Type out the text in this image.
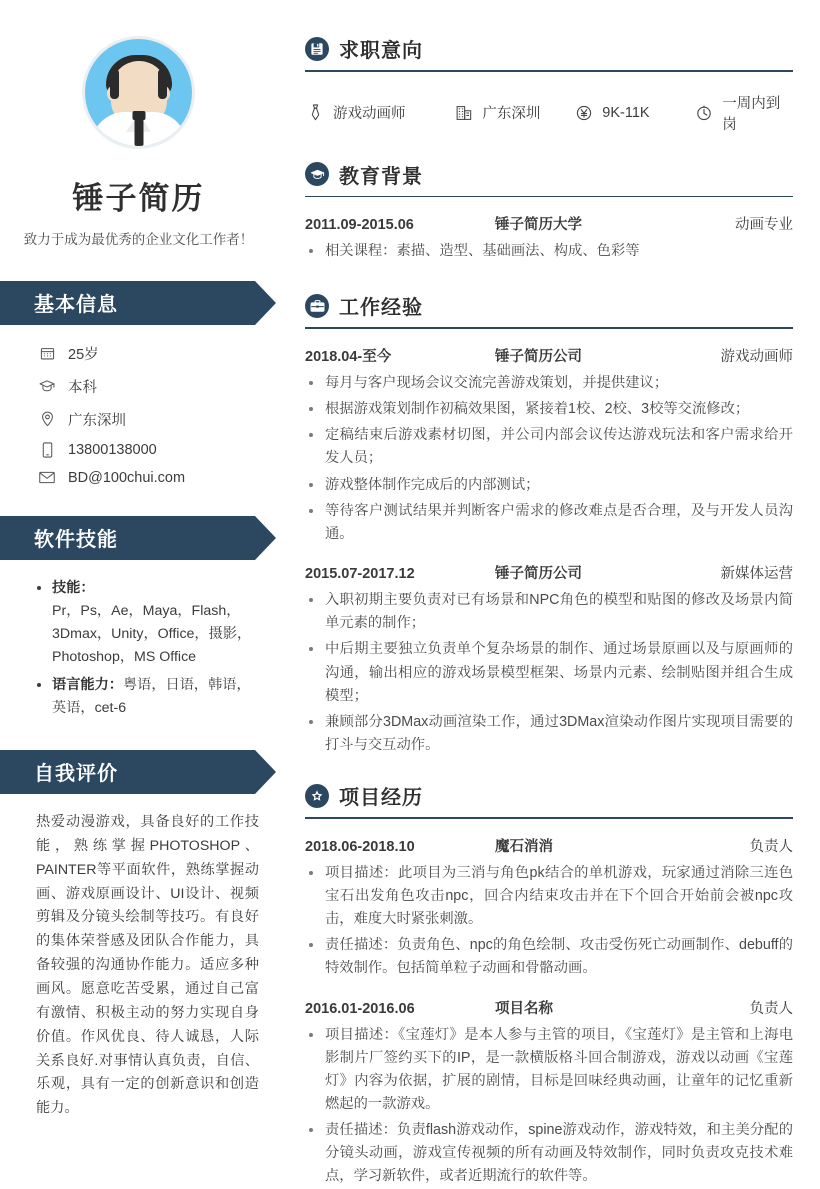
锤子简历
致力于成为最优秀的企业文化工作者！
基本信息
25岁
本科
广东深圳
13800138000
BD@100chui.com
软件技能
• 技能：
Pr，Ps，Ae，Maya，Flash，3Dmax，Unity，Office，摄影，Photoshop，MS Office
• 语言能力：粤语，日语，韩语，英语，cet-6
自我评价
热爱动漫游戏，具备良好的工作技能，熟练掌握PHOTOSHOP、PAINTER等平面软件，熟练掌握动画、游戏原画设计、UI设计、视频剪辑及分镜头绘制等技巧。有良好的集体荣誉感及团队合作能力，具备较强的沟通协作能力。适应多种画风。愿意吃苦受累，通过自己富有激情、积极主动的努力实现自身价值。作风优良、待人诚恳，人际关系良好.对事情认真负责，自信、乐观，具有一定的创新意识和创造能力。
求职意向
游戏动画师	广东深圳	9K-11K
一周内到岗
教育背景
2011.09-2015.06	锤子简历大学	动画专业
相关课程：素描、造型、基础画法、构成、色彩等
工作经验
2018.04-至今	锤子简历公司	游戏动画师
每月与客户现场会议交流完善游戏策划，并提供建议；
根据游戏策划制作初稿效果图，紧接着1校、2校、3校等交流修改；
定稿结束后游戏素材切图，并公司内部会议传达游戏玩法和客户需求给开发人员；
游戏整体制作完成后的内部测试；
等待客户测试结果并判断客户需求的修改难点是否合理，及与开发人员沟通。
2015.07-2017.12	锤子简历公司	新媒体运营
入职初期主要负责对已有场景和NPC角色的模型和贴图的修改及场景内简单元素的制作；
中后期主要独立负责单个复杂场景的制作、通过场景原画以及与原画师的沟通，输出相应的游戏场景模型框架、场景内元素、绘制贴图并组合生成模型；
兼顾部分3DMax动画渲染工作，通过3DMax渲染动作图片实现项目需要的打斗与交互动作。
项目经历
2018.06-2018.10	魔石消消	负责人
项目描述：此项目为三消与角色pk结合的单机游戏，玩家通过消除三连色宝石出发角色攻击npc，回合内结束攻击并在下个回合开始前会被npc攻击，难度大时紧张刺激。
责任描述：负责角色、npc的角色绘制、攻击受伤死亡动画制作、debuff的特效制作。包括简单粒子动画和骨骼动画。
2016.01-2016.06	项目名称	负责人
项目描述：《宝莲灯》是本人参与主管的项目，《宝莲灯》是主管和上海电影制片厂签约买下的IP，是一款横版格斗回合制游戏，游戏以动画《宝莲灯》内容为依据，扩展的剧情，目标是回味经典动画，让童年的记忆重新燃起的一款游戏。
责任描述：负责flash游戏动作，spine游戏动作，游戏特效，和主美分配的分镜头动画，游戏宣传视频的所有动画及特效制作，同时负责攻克技术难点，学习新软件，或者近期流行的软件等。
